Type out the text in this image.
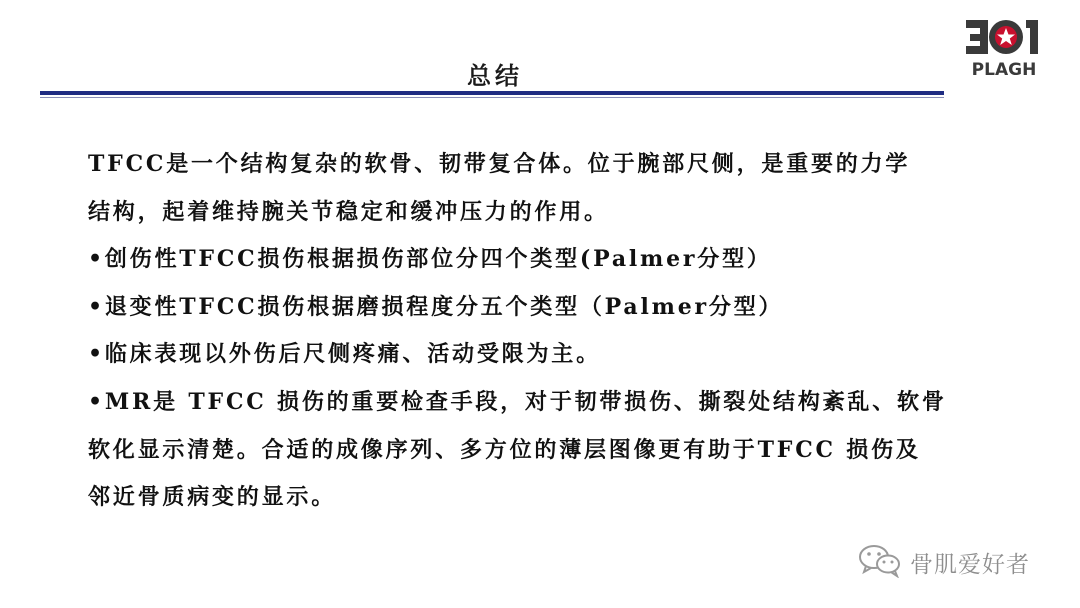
总结	PLAGH

TFCC是一个结构复杂的软骨、韧带复合体。位于腕部尺侧，是重要的力学

结构，起着维持腕关节稳定和缓冲压力的作用。

•创伤性TFCC损伤根据损伤部位分四个类型(Palmer分型）

•退变性TFCC损伤根据磨损程度分五个类型（Palmer分型）

•临床表现以外伤后尺侧疼痛、活动受限为主。

•MR是 TFCC 损伤的重要检查手段，对于韧带损伤、撕裂处结构紊乱、软骨

软化显示清楚。合适的成像序列、多方位的薄层图像更有助于TFCC 损伤及

邻近骨质病变的显示。

骨肌爱好者
